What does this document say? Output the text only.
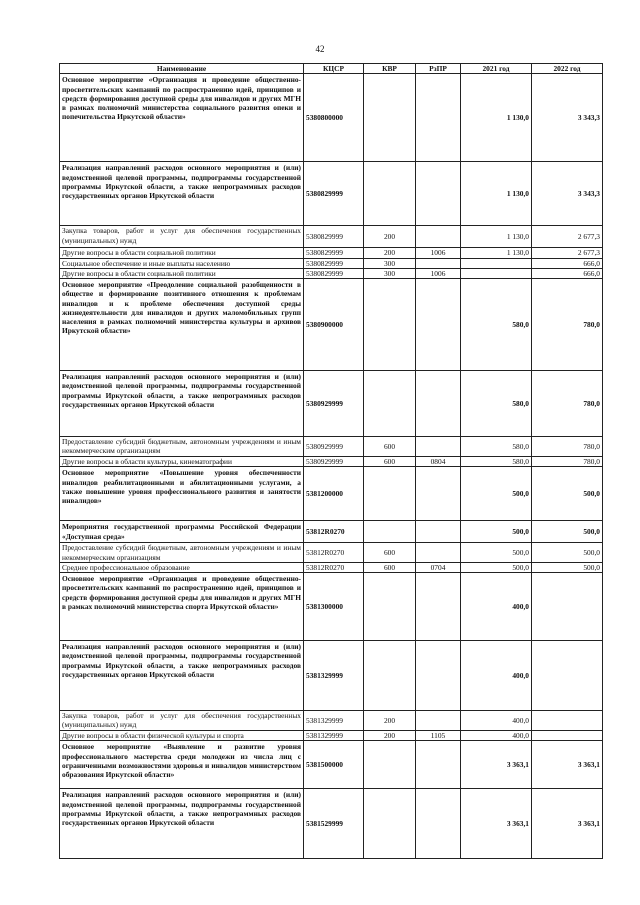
42
Наименование	КЦСР	КВР	РзПР	2021 год	2022 год
Основное мероприятие «Организация и проведение общественно-просветительских кампаний по распространению идей, принципов и средств формирования доступной среды для инвалидов и других МГН в рамках полномочий министерства социального развития опеки и попечительства Иркутской области»	5380800000			1 130,0	3 343,3
Реализация направлений расходов основного мероприятия и (или) ведомственной целевой программы, подпрограммы государственной программы Иркутской области, а также непрограммных расходов государственных органов Иркутской области	5380829999			1 130,0	3 343,3
Закупка товаров, работ и услуг для обеспечения государственных (муниципальных) нужд	5380829999	200		1 130,0	2 677,3
Другие вопросы в области социальной политики	5380829999	200	1006	1 130,0	2 677,3
Социальное обеспечение и иные выплаты населению	5380829999	300			666,0
Другие вопросы в области социальной политики	5380829999	300	1006		666,0
Основное мероприятие «Преодоление социальной разобщенности в обществе и формирование позитивного отношения к проблемам инвалидов и к проблеме обеспечения доступной среды жизнедеятельности для инвалидов и других маломобильных групп населения в рамках полномочий министерства культуры и архивов Иркутской области»	5380900000			580,0	780,0
Реализация направлений расходов основного мероприятия и (или) ведомственной целевой программы, подпрограммы государственной программы Иркутской области, а также непрограммных расходов государственных органов Иркутской области	5380929999			580,0	780,0
Предоставление субсидий бюджетным, автономным учреждениям и иным некоммерческим организациям	5380929999	600		580,0	780,0
Другие вопросы в области культуры, кинематографии	5380929999	600	0804	580,0	780,0
Основное мероприятие «Повышение уровня обеспеченности инвалидов реабилитационными и абилитационными услугами, а также повышение уровня профессионального развития и занятости инвалидов»	5381200000			500,0	500,0
Мероприятия государственной программы Российской Федерации «Доступная среда»	53812R0270			500,0	500,0
Предоставление субсидий бюджетным, автономным учреждениям и иным некоммерческим организациям	53812R0270	600		500,0	500,0
Среднее профессиональное образование	53812R0270	600	0704	500,0	500,0
Основное мероприятие «Организация и проведение общественно-просветительских кампаний по распространению идей, принципов и средств формирования доступной среды для инвалидов и других МГН в рамках полномочий министерства спорта Иркутской области»	5381300000			400,0	
Реализация направлений расходов основного мероприятия и (или) ведомственной целевой программы, подпрограммы государственной программы Иркутской области, а также непрограммных расходов государственных органов Иркутской области	5381329999			400,0	
Закупка товаров, работ и услуг для обеспечения государственных (муниципальных) нужд	5381329999	200		400,0	
Другие вопросы в области физической культуры и спорта	5381329999	200	1105	400,0	
Основное мероприятие «Выявление и развитие уровня профессионального мастерства среди молодежи из числа лиц с ограниченными возможностями здоровья и инвалидов министерством образования Иркутской области»	5381500000			3 363,1	3 363,1
Реализация направлений расходов основного мероприятия и (или) ведомственной целевой программы, подпрограммы государственной программы Иркутской области, а также непрограммных расходов государственных органов Иркутской области	5381529999			3 363,1	3 363,1
